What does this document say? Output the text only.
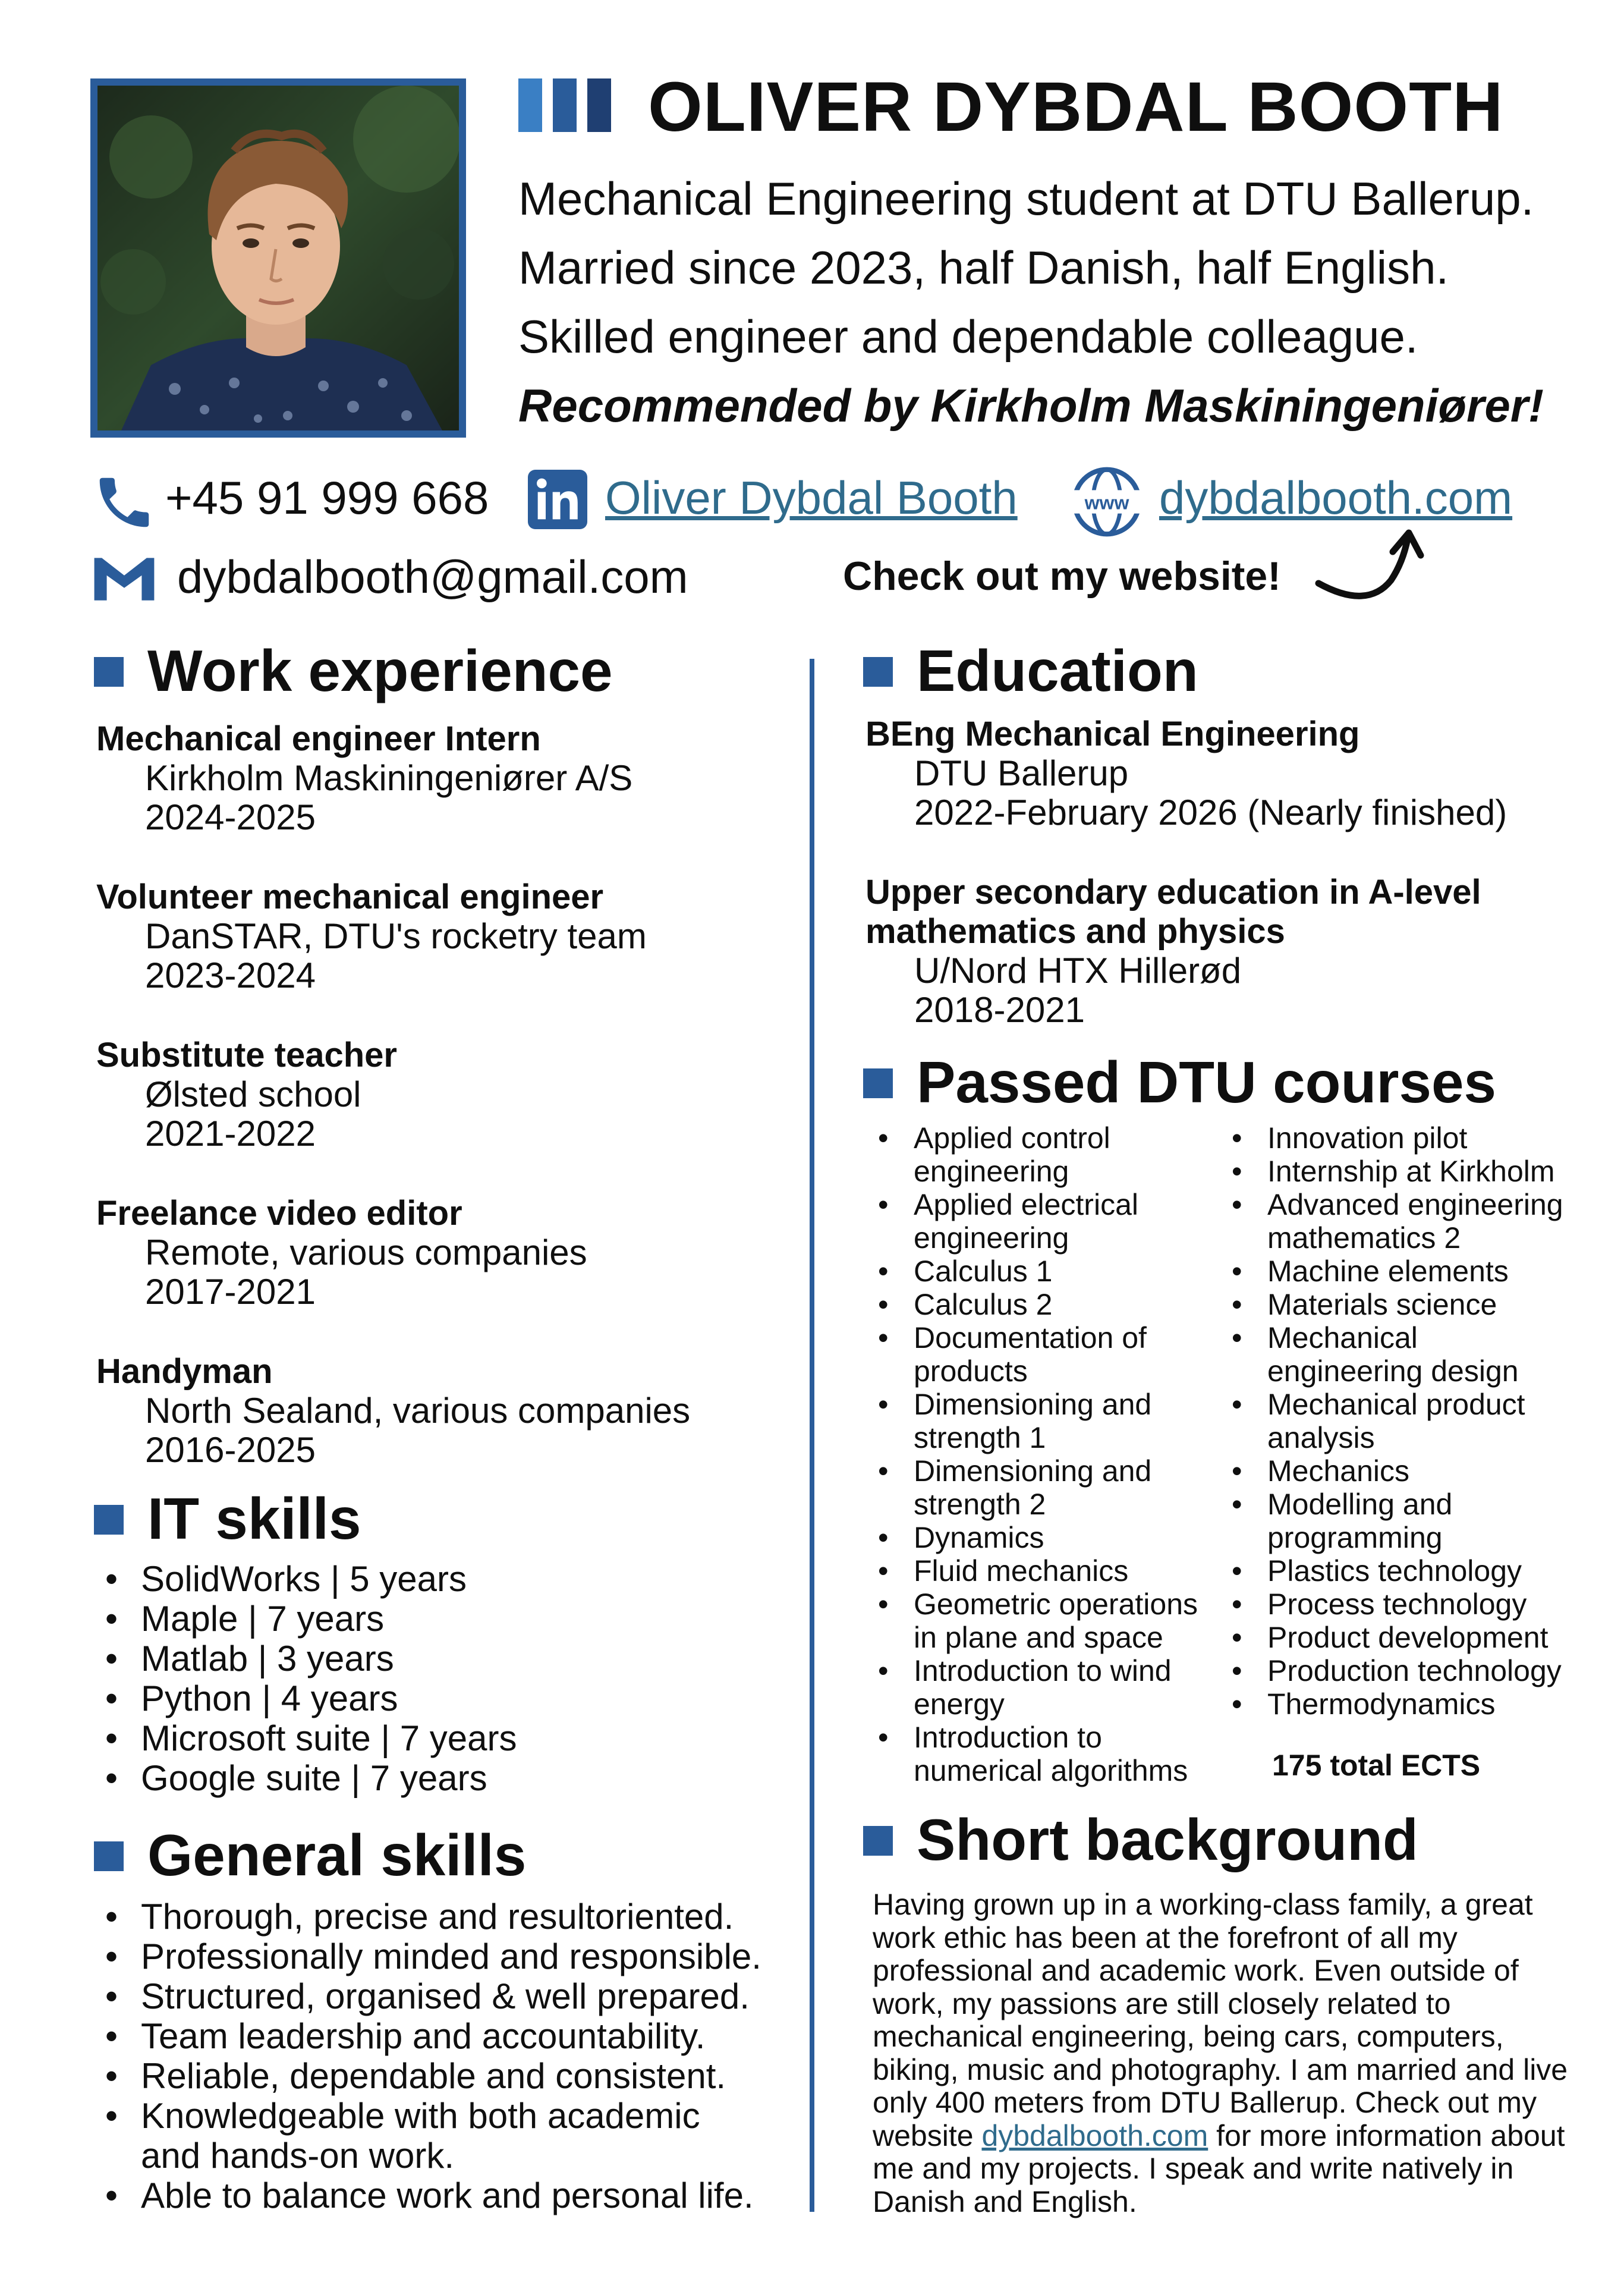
OLIVER DYBDAL BOOTH
Mechanical Engineering student at DTU Ballerup.
Married since 2023, half Danish, half English.
Skilled engineer and dependable colleague.
Recommended by Kirkholm Maskiningeniører!
+45 91 999 668	Oliver Dybdal Booth	www dybdalbooth.com
dybdalbooth@gmail.com	Check out my website!
Work experience
Mechanical engineer Intern
Kirkholm Maskiningeniører A/S
2024-2025
Volunteer mechanical engineer
DanSTAR, DTU's rocketry team
2023-2024
Substitute teacher
Ølsted school
2021-2022
Freelance video editor
Remote, various companies
2017-2021
Handyman
North Sealand, various companies
2016-2025
IT skills
• SolidWorks | 5 years
• Maple | 7 years
• Matlab | 3 years
• Python | 4 years
• Microsoft suite | 7 years
• Google suite | 7 years
General skills
• Thorough, precise and resultoriented.
• Professionally minded and responsible.
• Structured, organised & well prepared.
• Team leadership and accountability.
• Reliable, dependable and consistent.
• Knowledgeable with both academic
and hands-on work.
• Able to balance work and personal life.
Education
BEng Mechanical Engineering
DTU Ballerup
2022-February 2026 (Nearly finished)
Upper secondary education in A-level
mathematics and physics
U/Nord HTX Hillerød
2018-2021
Passed DTU courses
• Applied control
engineering
• Applied electrical
engineering
• Calculus 1
• Calculus 2
• Documentation of
products
• Dimensioning and
strength 1
• Dimensioning and
strength 2
• Dynamics
• Fluid mechanics
• Geometric operations
in plane and space
• Introduction to wind
energy
• Introduction to
numerical algorithms
• Innovation pilot
• Internship at Kirkholm
• Advanced engineering
mathematics 2
• Machine elements
• Materials science
• Mechanical
engineering design
• Mechanical product
analysis
• Mechanics
• Modelling and
programming
• Plastics technology
• Process technology
• Product development
• Production technology
• Thermodynamics
175 total ECTS
Short background
Having grown up in a working-class family, a great work ethic has been at the forefront of all my professional and academic work. Even outside of work, my passions are still closely related to mechanical engineering, being cars, computers, biking, music and photography. I am married and live only 400 meters from DTU Ballerup. Check out my website dybdalbooth.com for more information about me and my projects. I speak and write natively in Danish and English.
